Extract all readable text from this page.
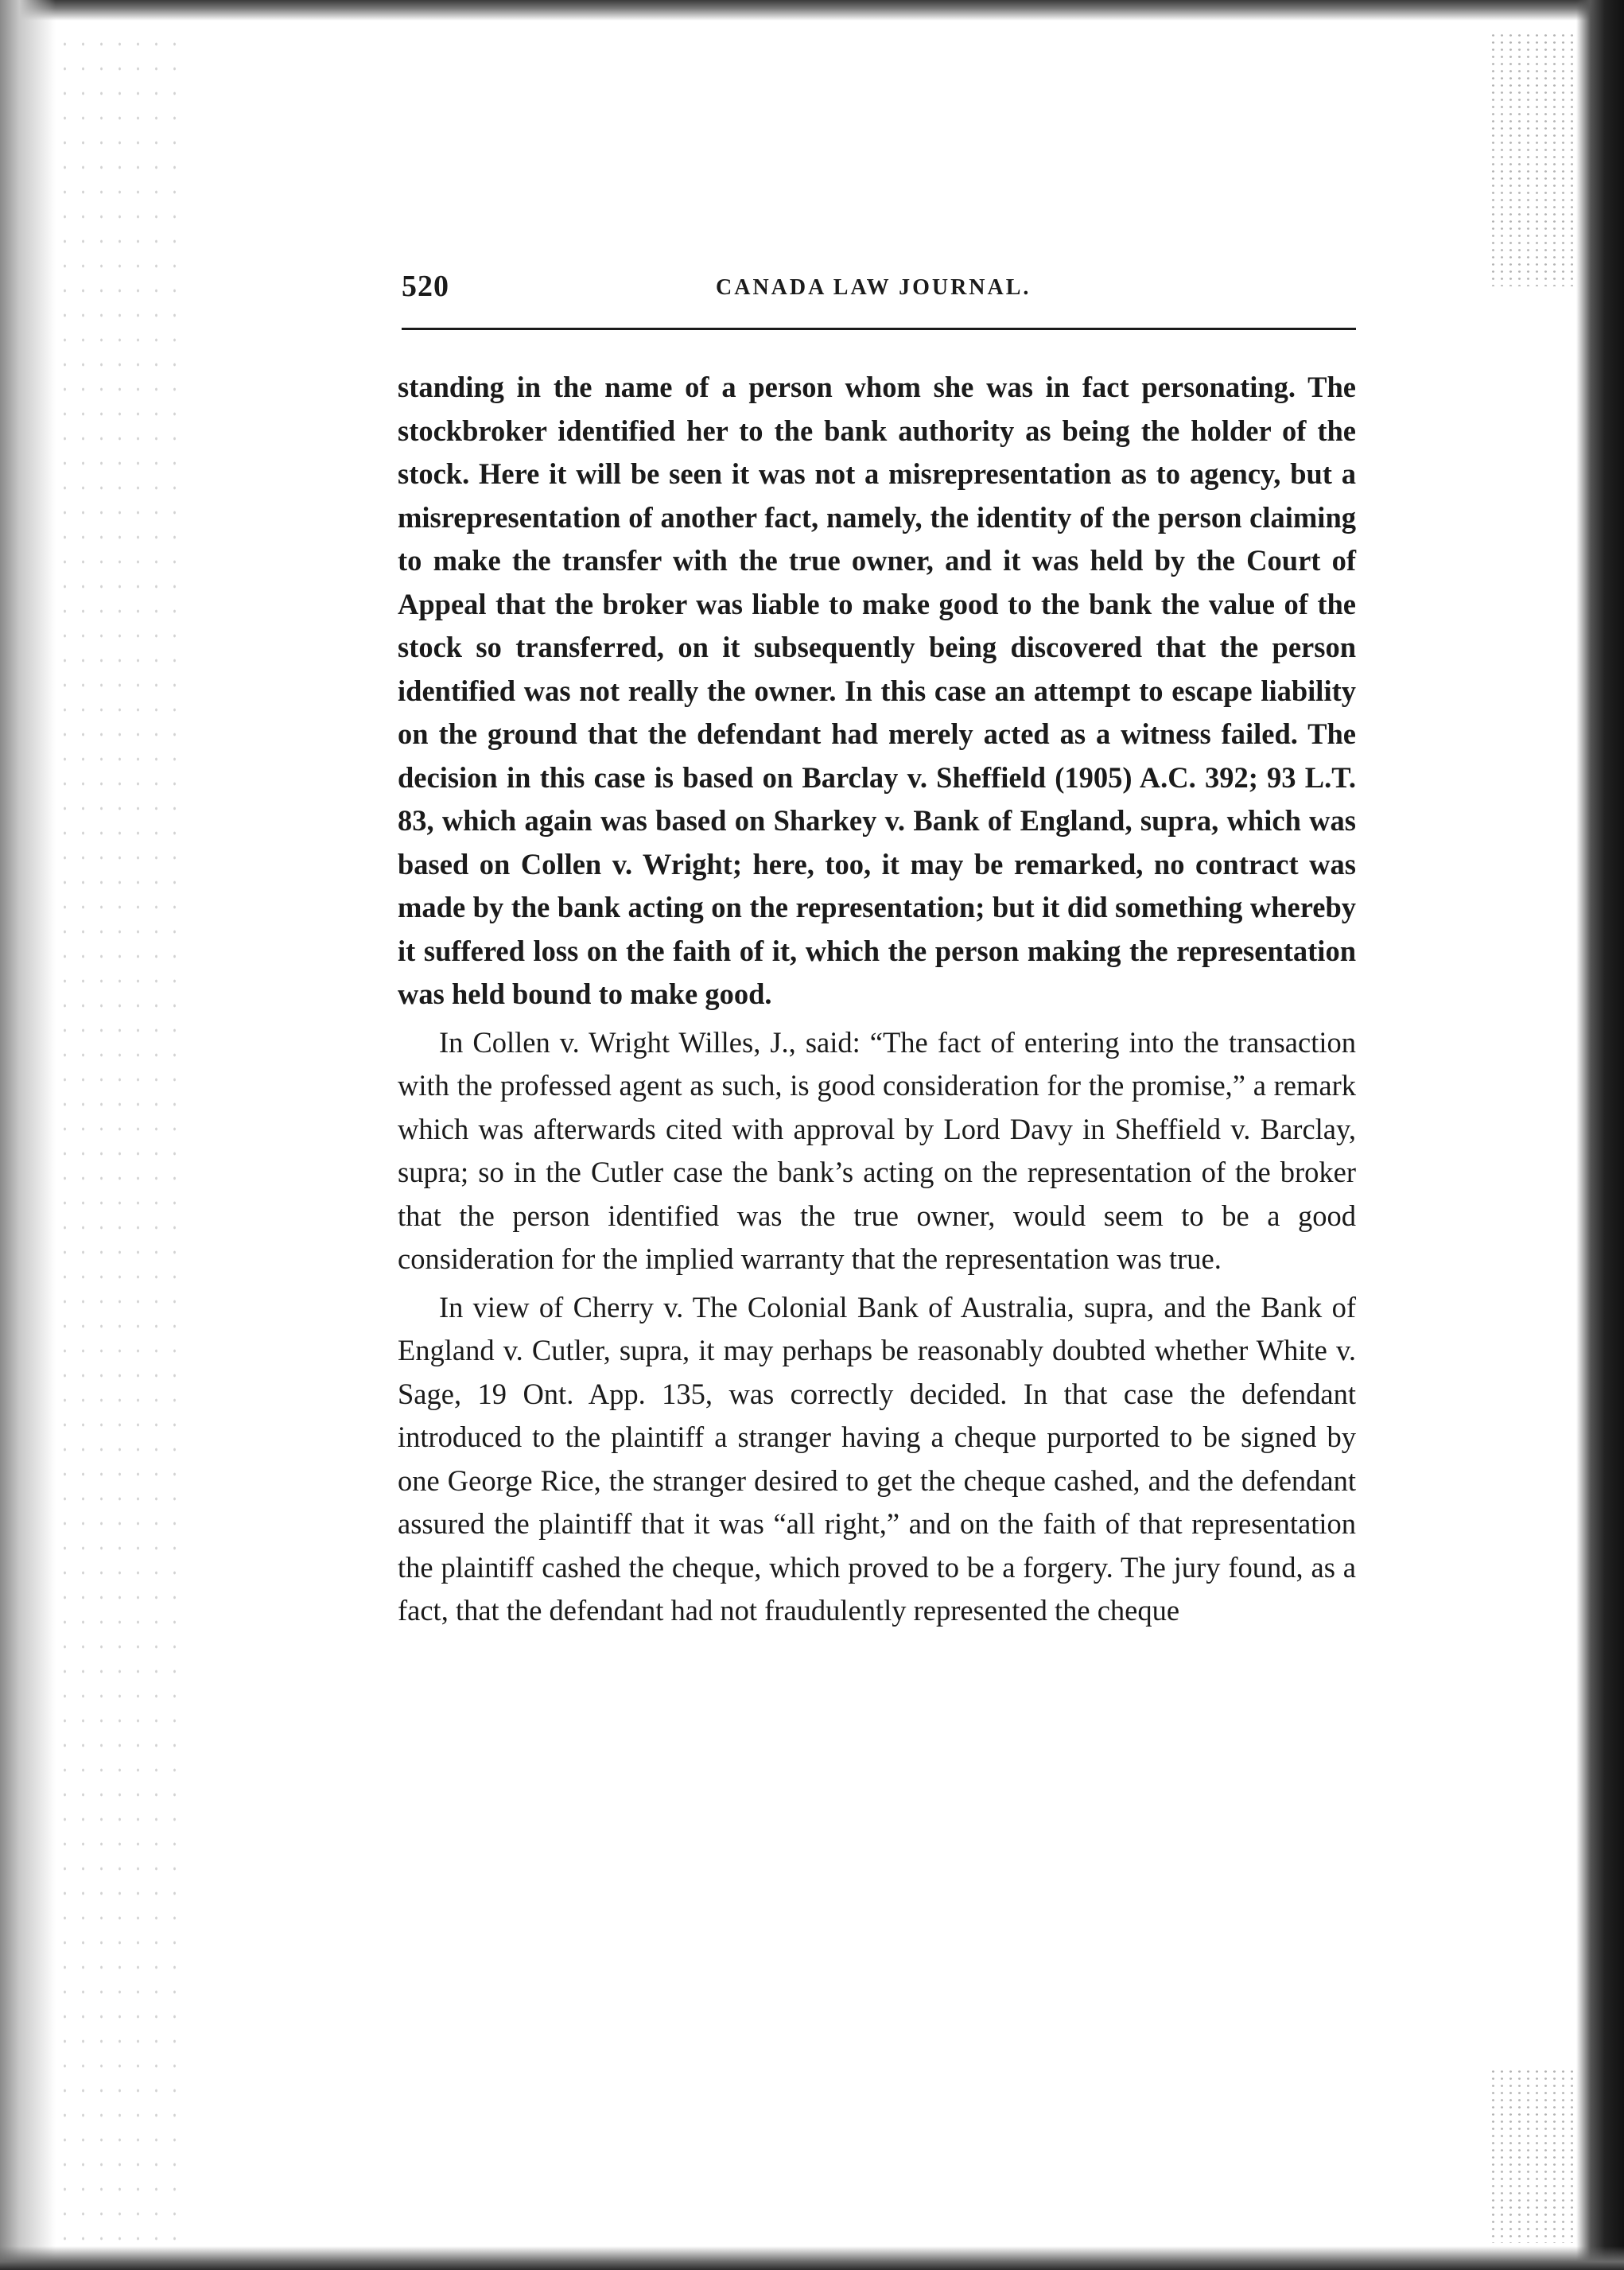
520	CANADA LAW JOURNAL.

standing in the name of a person whom she was in fact personating. The stockbroker identified her to the bank authority as being the holder of the stock. Here it will be seen it was not a misrepresentation as to agency, but a misrepresentation of another fact, namely, the identity of the person claiming to make the transfer with the true owner, and it was held by the Court of Appeal that the broker was liable to make good to the bank the value of the stock so transferred, on it subsequently being discovered that the person identified was not really the owner. In this case an attempt to escape liability on the ground that the defendant had merely acted as a witness failed. The decision in this case is based on Barclay v. Sheffield (1905) A.C. 392; 93 L.T. 83, which again was based on Sharkey v. Bank of England, supra, which was based on Collen v. Wright; here, too, it may be remarked, no contract was made by the bank acting on the representation; but it did something whereby it suffered loss on the faith of it, which the person making the representation was held bound to make good.

In Collen v. Wright Willes, J., said: “The fact of entering into the transaction with the professed agent as such, is good consideration for the promise,” a remark which was afterwards cited with approval by Lord Davy in Sheffield v. Barclay, supra; so in the Cutler case the bank’s acting on the representation of the broker that the person identified was the true owner, would seem to be a good consideration for the implied warranty that the representation was true.

In view of Cherry v. The Colonial Bank of Australia, supra, and the Bank of England v. Cutler, supra, it may perhaps be reasonably doubted whether White v. Sage, 19 Ont. App. 135, was correctly decided. In that case the defendant introduced to the plaintiff a stranger having a cheque purported to be signed by one George Rice, the stranger desired to get the cheque cashed, and the defendant assured the plaintiff that it was “all right,” and on the faith of that representation the plaintiff cashed the cheque, which proved to be a forgery. The jury found, as a fact, that the defendant had not fraudulently represented the cheque
